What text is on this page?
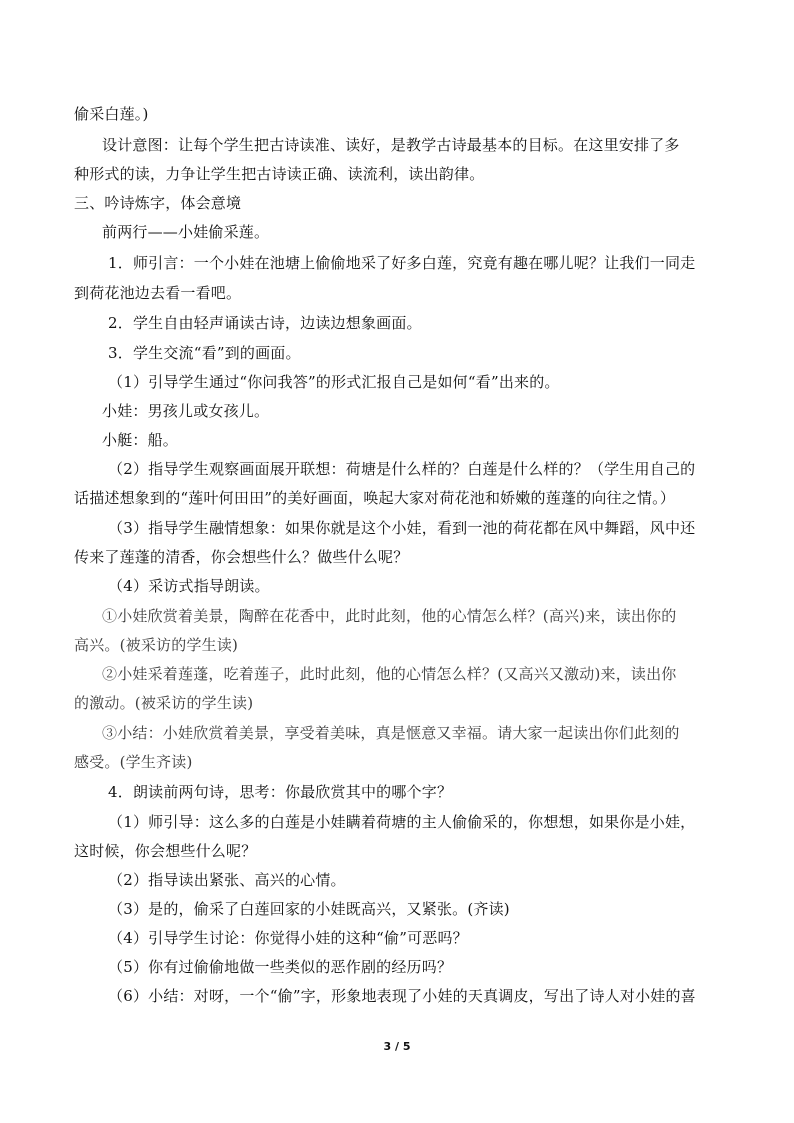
偷采白莲。)
设计意图：让每个学生把古诗读准、读好，是教学古诗最基本的目标。在这里安排了多
种形式的读，力争让学生把古诗读正确、读流利，读出韵律。
三、吟诗炼字，体会意境
前两行——小娃偷采莲。
1．师引言：一个小娃在池塘上偷偷地采了好多白莲，究竟有趣在哪儿呢？让我们一同走
到荷花池边去看一看吧。
2．学生自由轻声诵读古诗，边读边想象画面。
3．学生交流“看”到的画面。
（1）引导学生通过“你问我答”的形式汇报自己是如何“看”出来的。
小娃：男孩儿或女孩儿。
小艇：船。
（2）指导学生观察画面展开联想：荷塘是什么样的？白莲是什么样的？（学生用自己的
话描述想象到的“莲叶何田田”的美好画面，唤起大家对荷花池和娇嫩的莲蓬的向往之情。）
（3）指导学生融情想象：如果你就是这个小娃，看到一池的荷花都在风中舞蹈，风中还
传来了莲蓬的清香，你会想些什么？做些什么呢？
（4）采访式指导朗读。
①小娃欣赏着美景，陶醉在花香中，此时此刻，他的心情怎么样？(高兴)来，读出你的
高兴。(被采访的学生读)
②小娃采着莲蓬，吃着莲子，此时此刻，他的心情怎么样？(又高兴又激动)来，读出你
的激动。(被采访的学生读)
③小结：小娃欣赏着美景，享受着美味，真是惬意又幸福。请大家一起读出你们此刻的
感受。(学生齐读)
4．朗读前两句诗，思考：你最欣赏其中的哪个字？
（1）师引导：这么多的白莲是小娃瞒着荷塘的主人偷偷采的，你想想，如果你是小娃，
这时候，你会想些什么呢？
（2）指导读出紧张、高兴的心情。
（3）是的，偷采了白莲回家的小娃既高兴，又紧张。(齐读)
（4）引导学生讨论：你觉得小娃的这种“偷”可恶吗？
（5）你有过偷偷地做一些类似的恶作剧的经历吗？
（6）小结：对呀，一个“偷”字，形象地表现了小娃的天真调皮，写出了诗人对小娃的喜
3 / 5
